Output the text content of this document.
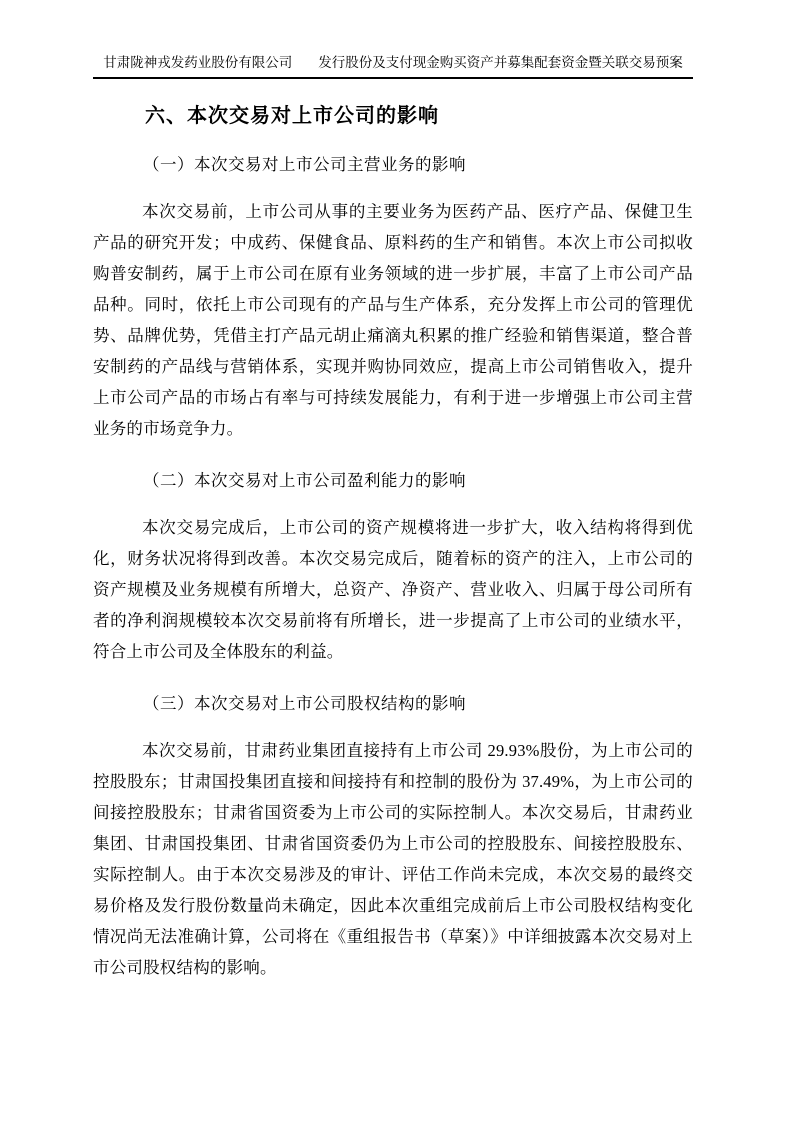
甘肃陇神戎发药业股份有限公司 发行股份及支付现金购买资产并募集配套资金暨关联交易预案
六、本次交易对上市公司的影响
（一）本次交易对上市公司主营业务的影响

本次交易前，上市公司从事的主要业务为医药产品、医疗产品、保健卫生产品的研究开发；中成药、保健食品、原料药的生产和销售。本次上市公司拟收购普安制药，属于上市公司在原有业务领域的进一步扩展，丰富了上市公司产品品种。同时，依托上市公司现有的产品与生产体系，充分发挥上市公司的管理优势、品牌优势，凭借主打产品元胡止痛滴丸积累的推广经验和销售渠道，整合普安制药的产品线与营销体系，实现并购协同效应，提高上市公司销售收入，提升上市公司产品的市场占有率与可持续发展能力，有利于进一步增强上市公司主营业务的市场竞争力。

（二）本次交易对上市公司盈利能力的影响

本次交易完成后，上市公司的资产规模将进一步扩大，收入结构将得到优化，财务状况将得到改善。本次交易完成后，随着标的资产的注入，上市公司的资产规模及业务规模有所增大，总资产、净资产、营业收入、归属于母公司所有者的净利润规模较本次交易前将有所增长，进一步提高了上市公司的业绩水平，符合上市公司及全体股东的利益。

（三）本次交易对上市公司股权结构的影响

本次交易前，甘肃药业集团直接持有上市公司 29.93%股份，为上市公司的控股股东；甘肃国投集团直接和间接持有和控制的股份为 37.49%，为上市公司的间接控股股东；甘肃省国资委为上市公司的实际控制人。本次交易后，甘肃药业集团、甘肃国投集团、甘肃省国资委仍为上市公司的控股股东、间接控股股东、实际控制人。由于本次交易涉及的审计、评估工作尚未完成，本次交易的最终交易价格及发行股份数量尚未确定，因此本次重组完成前后上市公司股权结构变化情况尚无法准确计算，公司将在《重组报告书（草案）》中详细披露本次交易对上市公司股权结构的影响。
